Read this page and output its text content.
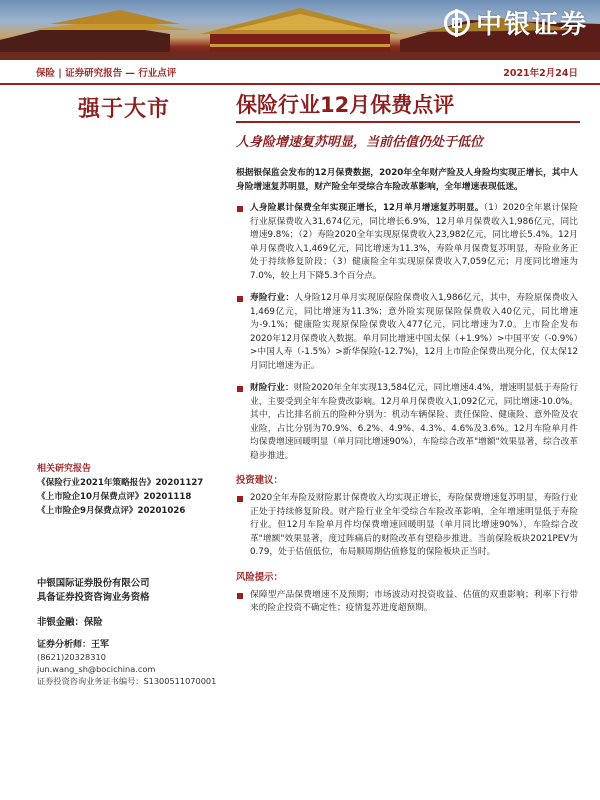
中银证券
保险 | 证券研究报告 — 行业点评	2021年2月24日
强于大市
相关研究报告
《保险行业2021年策略报告》20201127
《上市险企10月保费点评》20201118
《上市险企9月保费点评》20201026
中银国际证券股份有限公司
具备证券投资咨询业务资格
非银金融：保险
证券分析师：王军
(8621)20328310
jun.wang_sh@bocichina.com
证券投资咨询业务证书编号：S1300511070001
保险行业12月保费点评
人身险增速复苏明显，当前估值仍处于低位
根据银保监会发布的12月保费数据，2020年全年财产险及人身险均实现正增长，其中人身险增速复苏明显，财产险全年受综合车险改革影响，全年增速表现低迷。
人身险累计保费全年实现正增长，12月单月增速复苏明显。（1）2020全年累计保险行业原保费收入31,674亿元，同比增长6.9%，12月单月保费收入1,986亿元，同比增速9.8%；（2）寿险2020全年实现原保费收入23,982亿元，同比增长5.4%。12月单月保费收入1,469亿元，同比增速为11.3%，寿险单月保费复苏明显，寿险业务正处于持续修复阶段；（3）健康险全年实现原保费收入7,059亿元；月度同比增速为7.0%，较上月下降5.3个百分点。
寿险行业：人身险12月单月实现原保险保费收入1,986亿元，其中，寿险原保费收入1,469亿元，同比增速为11.3%；意外险实现原保险保费收入40亿元，同比增速为-9.1%；健康险实现原保险保费收入477亿元，同比增速为7.0。上市险企发布2020年12月保费收入数据。单月同比增速中国太保（+1.9%）>中国平安（-0.9%）>中国人寿（-1.5%）>新华保险(-12.7%)，12月上市险企保费出现分化，仅太保12月同比增速为正。
财险行业：财险2020年全年实现13,584亿元，同比增速4.4%，增速明显低于寿险行业，主要受到全年车险费改影响。12月单月保费收入1,092亿元，同比增速-10.0%。其中，占比排名前五的险种分别为：机动车辆保险、责任保险、健康险、意外险及农业险，占比分别为70.9%、6.2%、4.9%、4.3%、4.6%及3.6%。12月车险单月件均保费增速回暖明显（单月同比增速90%），车险综合改革"增额"效果显著，综合改革稳步推进。
投资建议：
2020全年寿险及财险累计保费收入均实现正增长，寿险保费增速复苏明显，寿险行业正处于持续修复阶段。财产险行业全年受综合车险改革影响，全年增速明显低于寿险行业。但12月车险单月件均保费增速回暖明显（单月同比增速90%），车险综合改革"增额"效果显著，度过阵痛后的财险改革有望稳步推进。当前保险板块2021PEV为0.79，处于估值低位，布局顺周期估值修复的保险板块正当时。
风险提示：
保障型产品保费增速不及预期；市场波动对投资收益、估值的双重影响；利率下行带来的险企投资不确定性；疫情复苏进度超预期。
